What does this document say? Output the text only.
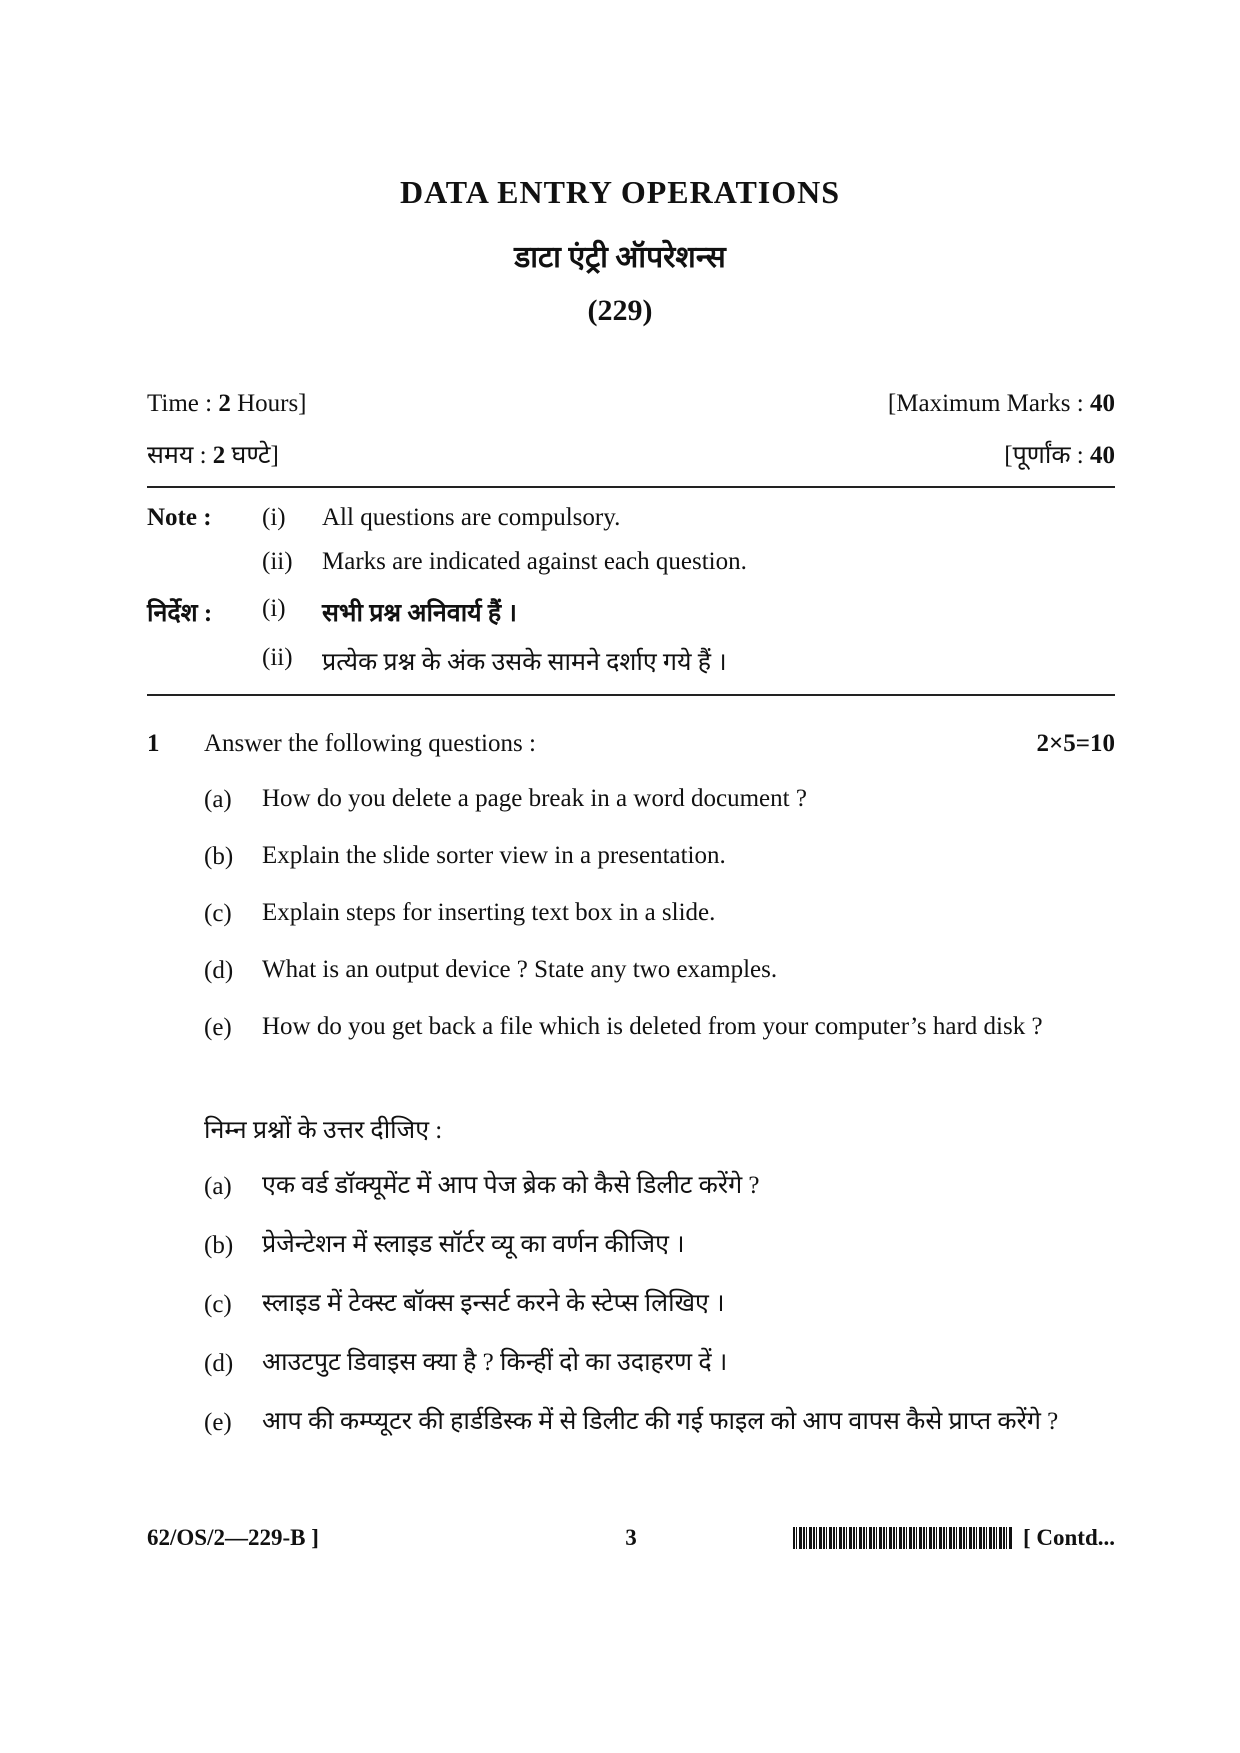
DATA ENTRY OPERATIONS
डाटा एंट्री ऑपरेशन्स
(229)
Time : 2 Hours]	[Maximum Marks : 40
समय : 2 घण्टे]	[पूर्णांक : 40
Note : (i) All questions are compulsory.
(ii) Marks are indicated against each question.
निर्देश : (i) सभी प्रश्न अनिवार्य हैं ।
(ii) प्रत्येक प्रश्न के अंक उसके सामने दर्शाए गये हैं ।
1 Answer the following questions :	2×5=10
(a) How do you delete a page break in a word document ?
(b) Explain the slide sorter view in a presentation.
(c) Explain steps for inserting text box in a slide.
(d) What is an output device ? State any two examples.
(e) How do you get back a file which is deleted from your computer’s hard disk ?
निम्न प्रश्नों के उत्तर दीजिए :
(a) एक वर्ड डॉक्यूमेंट में आप पेज ब्रेक को कैसे डिलीट करेंगे ?
(b) प्रेजेन्टेशन में स्लाइड सॉर्टर व्यू का वर्णन कीजिए ।
(c) स्लाइड में टेक्स्ट बॉक्स इन्सर्ट करने के स्टेप्स लिखिए ।
(d) आउटपुट डिवाइस क्या है ? किन्हीं दो का उदाहरण दें ।
(e) आप की कम्प्यूटर की हार्डडिस्क में से डिलीट की गई फाइल को आप वापस कैसे प्राप्त करेंगे ?
62/OS/2—229-B ]	3	[ Contd...
